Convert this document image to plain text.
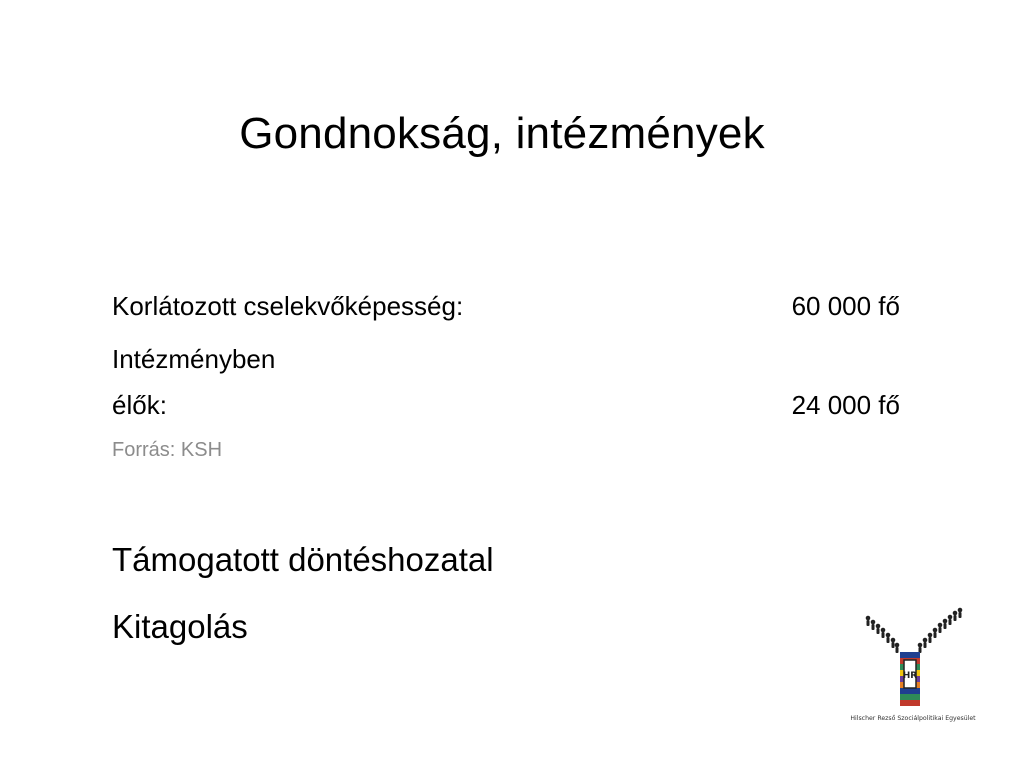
Gondnokság, intézmények
Korlátozott cselekvőképesség:	60 000 fő
Intézményben
élők:	24 000 fő
Forrás: KSH
Támogatott döntéshozatal
Kitagolás
HR
Hilscher Rezső Szociálpolitikai Egyesület
